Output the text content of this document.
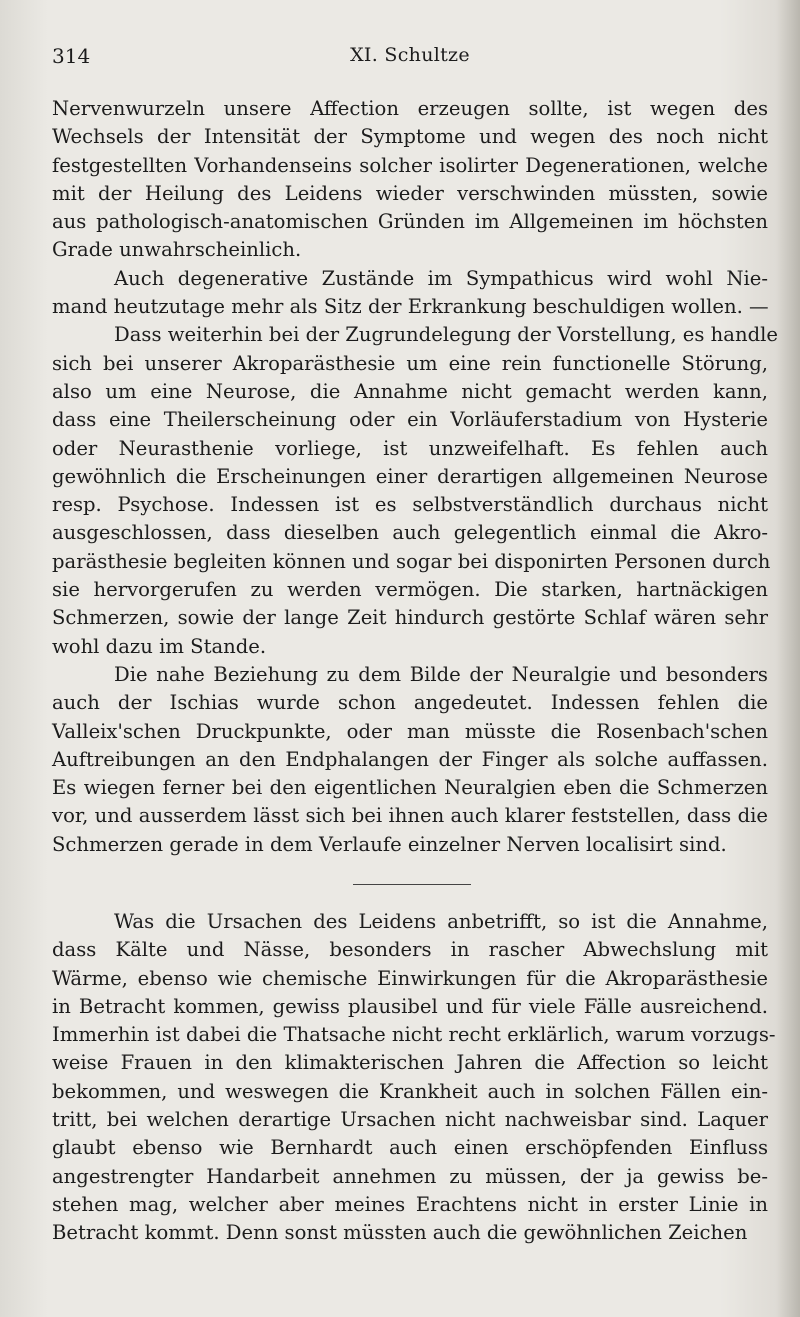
314	XI. Schultze
Nervenwurzeln unsere Affection erzeugen sollte, ist wegen des
Wechsels der Intensität der Symptome und wegen des noch nicht
festgestellten Vorhandenseins solcher isolirter Degenerationen, welche
mit der Heilung des Leidens wieder verschwinden müssten, sowie
aus pathologisch-anatomischen Gründen im Allgemeinen im höchsten
Grade unwahrscheinlich.
Auch degenerative Zustände im Sympathicus wird wohl Nie-
mand heutzutage mehr als Sitz der Erkrankung beschuldigen wollen. —
Dass weiterhin bei der Zugrundelegung der Vorstellung, es handle
sich bei unserer Akroparästhesie um eine rein functionelle Störung,
also um eine Neurose, die Annahme nicht gemacht werden kann,
dass eine Theilerscheinung oder ein Vorläuferstadium von Hysterie
oder Neurasthenie vorliege, ist unzweifelhaft. Es fehlen auch
gewöhnlich die Erscheinungen einer derartigen allgemeinen Neurose
resp. Psychose. Indessen ist es selbstverständlich durchaus nicht
ausgeschlossen, dass dieselben auch gelegentlich einmal die Akro-
parästhesie begleiten können und sogar bei disponirten Personen durch
sie hervorgerufen zu werden vermögen. Die starken, hartnäckigen
Schmerzen, sowie der lange Zeit hindurch gestörte Schlaf wären sehr
wohl dazu im Stande.
Die nahe Beziehung zu dem Bilde der Neuralgie und besonders
auch der Ischias wurde schon angedeutet. Indessen fehlen die
Valleix'schen Druckpunkte, oder man müsste die Rosenbach'schen
Auftreibungen an den Endphalangen der Finger als solche auffassen.
Es wiegen ferner bei den eigentlichen Neuralgien eben die Schmerzen
vor, und ausserdem lässt sich bei ihnen auch klarer feststellen, dass die
Schmerzen gerade in dem Verlaufe einzelner Nerven localisirt sind.
Was die Ursachen des Leidens anbetrifft, so ist die Annahme,
dass Kälte und Nässe, besonders in rascher Abwechslung mit
Wärme, ebenso wie chemische Einwirkungen für die Akroparästhesie
in Betracht kommen, gewiss plausibel und für viele Fälle ausreichend.
Immerhin ist dabei die Thatsache nicht recht erklärlich, warum vorzugs-
weise Frauen in den klimakterischen Jahren die Affection so leicht
bekommen, und weswegen die Krankheit auch in solchen Fällen ein-
tritt, bei welchen derartige Ursachen nicht nachweisbar sind. Laquer
glaubt ebenso wie Bernhardt auch einen erschöpfenden Einfluss
angestrengter Handarbeit annehmen zu müssen, der ja gewiss be-
stehen mag, welcher aber meines Erachtens nicht in erster Linie in
Betracht kommt. Denn sonst müssten auch die gewöhnlichen Zeichen
